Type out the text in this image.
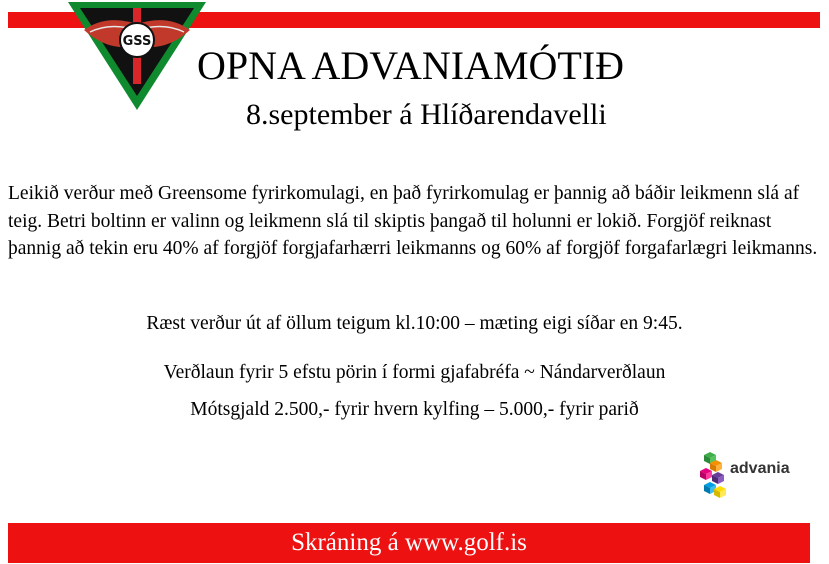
GSS
OPNA ADVANIAMÓTIÐ
8.september á Hlíðarendavelli

Leikið verður með Greensome fyrirkomulagi, en það fyrirkomulag er þannig að báðir leikmenn slá af teig. Betri boltinn er valinn og leikmenn slá til skiptis þangað til holunni er lokið. Forgjöf reiknast þannig að tekin eru 40% af forgjöf forgjafarhærri leikmanns og 60% af forgjöf forgafarlægri leikmanns.

Ræst verður út af öllum teigum kl.10:00 – mæting eigi síðar en 9:45.
Verðlaun fyrir 5 efstu pörin í formi gjafabréfa ~ Nándarverðlaun
Mótsgjald 2.500,- fyrir hvern kylfing – 5.000,- fyrir parið
advania
Skráning á www.golf.is
